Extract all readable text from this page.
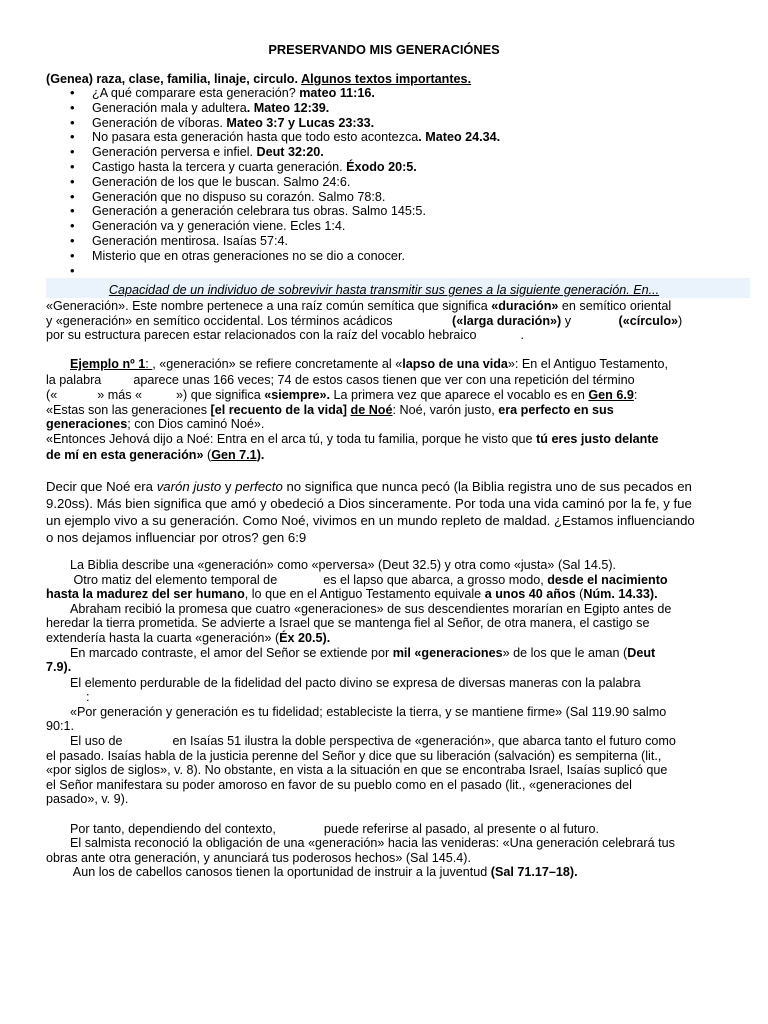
PRESERVANDO MIS GENERACIÓNES
(Genea) raza, clase, familia, linaje, circulo. Algunos textos importantes.
• ¿A qué comparare esta generación? mateo 11:16.
• Generación mala y adultera. Mateo 12:39.
• Generación de víboras. Mateo 3:7 y Lucas 23:33.
• No pasara esta generación hasta que todo esto acontezca. Mateo 24.34.
• Generación perversa e infiel. Deut 32:20.
• Castigo hasta la tercera y cuarta generación. Éxodo 20:5.
• Generación de los que le buscan. Salmo 24:6.
• Generación que no dispuso su corazón. Salmo 78:8.
• Generación a generación celebrara tus obras. Salmo 145:5.
• Generación va y generación viene. Ecles 1:4.
• Generación mentirosa. Isaías 57:4.
• Misterio que en otras generaciones no se dio a conocer.
•
Capacidad de un individuo de sobrevivir hasta transmitir sus genes a la siguiente generación. En...
«Generación». Este nombre pertenece a una raíz común semítica que significa «duración» en semítico oriental
y «generación» en semítico occidental. Los términos acádicos	(«larga duración») y	(«círculo»)
por su estructura parecen estar relacionados con la raíz del vocablo hebraico	.
Ejemplo nº 1: , «generación» se refiere concretamente al «lapso de una vida»: En el Antiguo Testamento,
la palabra	aparece unas 166 veces; 74 de estos casos tienen que ver con una repetición del término
(«	» más «	») que significa «siempre». La primera vez que aparece el vocablo es en Gen 6.9:
«Estas son las generaciones [el recuento de la vida] de Noé: Noé, varón justo, era perfecto en sus
generaciones; con Dios caminó Noé».
«Entonces Jehová dijo a Noé: Entra en el arca tú, y toda tu familia, porque he visto que tú eres justo delante
de mí en esta generación» (Gen 7.1).
Decir que Noé era varón justo y perfecto no significa que nunca pecó (la Biblia registra uno de sus pecados en
9.20ss). Más bien significa que amó y obedeció a Dios sinceramente. Por toda una vida caminó por la fe, y fue
un ejemplo vivo a su generación. Como Noé, vivimos en un mundo repleto de maldad. ¿Estamos influenciando
o nos dejamos influenciar por otros? gen 6:9
La Biblia describe una «generación» como «perversa» (Deut 32.5) y otra como «justa» (Sal 14.5).
Otro matiz del elemento temporal de	es el lapso que abarca, a grosso modo, desde el nacimiento
hasta la madurez del ser humano, lo que en el Antiguo Testamento equivale a unos 40 años (Núm. 14.33).
Abraham recibió la promesa que cuatro «generaciones» de sus descendientes morarían en Egipto antes de
heredar la tierra prometida. Se advierte a Israel que se mantenga fiel al Señor, de otra manera, el castigo se
extendería hasta la cuarta «generación» (Éx 20.5).
En marcado contraste, el amor del Señor se extiende por mil «generaciones» de los que le aman (Deut
7.9).
El elemento perdurable de la fidelidad del pacto divino se expresa de diversas maneras con la palabra
:
«Por generación y generación es tu fidelidad; estableciste la tierra, y se mantiene firme» (Sal 119.90 salmo
90:1.
El uso de	en Isaías 51 ilustra la doble perspectiva de «generación», que abarca tanto el futuro como
el pasado. Isaías habla de la justicia perenne del Señor y dice que su liberación (salvación) es sempiterna (lit.,
«por siglos de siglos», v. 8). No obstante, en vista a la situación en que se encontraba Israel, Isaías suplicó que
el Señor manifestara su poder amoroso en favor de su pueblo como en el pasado (lit., «generaciones del
pasado», v. 9).
Por tanto, dependiendo del contexto,	puede referirse al pasado, al presente o al futuro.
El salmista reconoció la obligación de una «generación» hacia las venideras: «Una generación celebrará tus
obras ante otra generación, y anunciará tus poderosos hechos» (Sal 145.4).
Aun los de cabellos canosos tienen la oportunidad de instruir a la juventud (Sal 71.17–18).
